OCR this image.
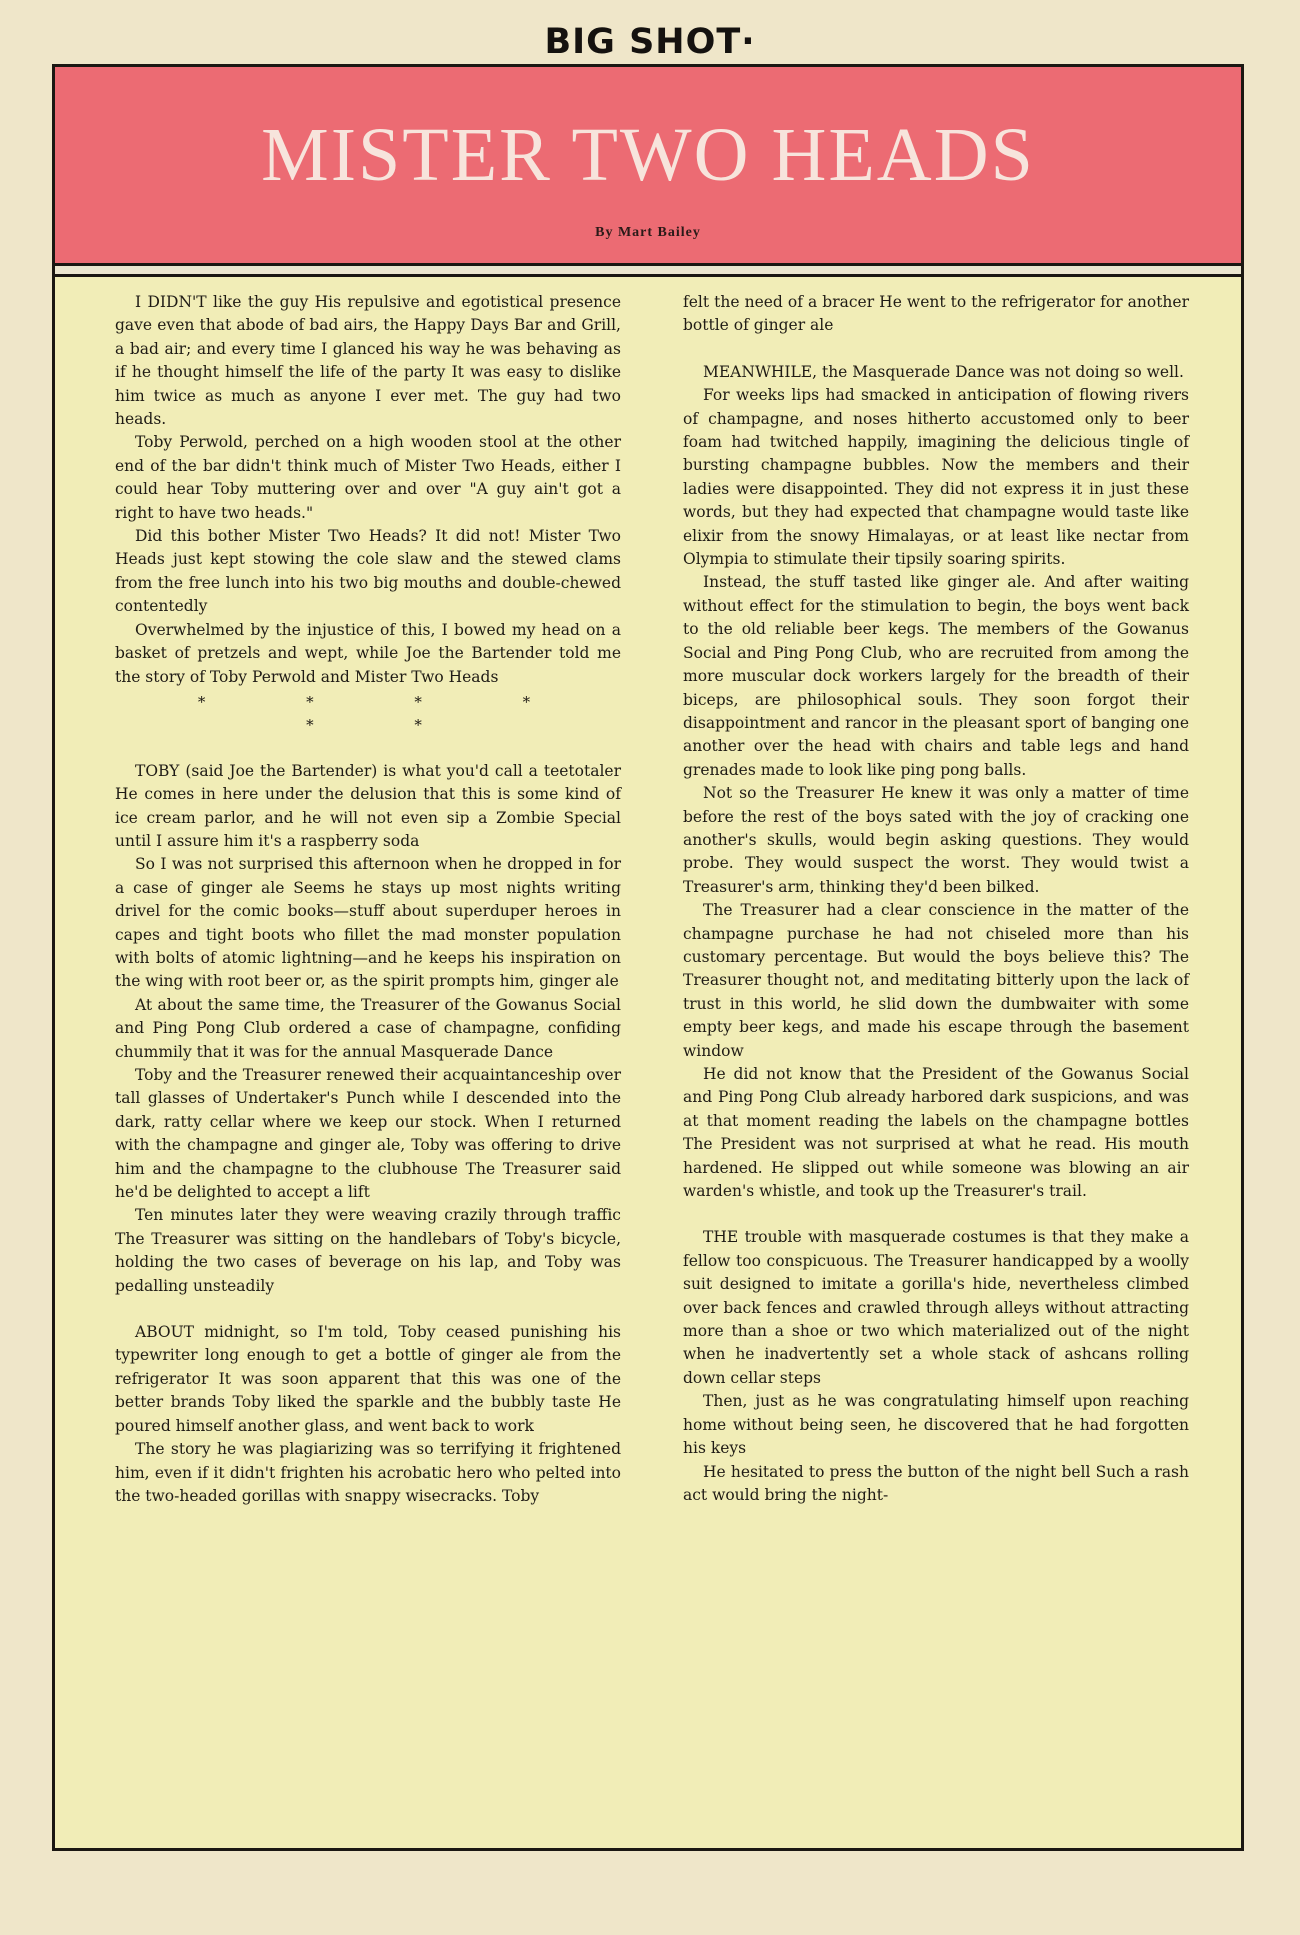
BIG SHOT·
MISTER TWO HEADS
By Mart Bailey

I DIDN'T like the guy His repulsive and egotistical presence gave even that abode of bad airs, the Happy Days Bar and Grill, a bad air; and every time I glanced his way he was behaving as if he thought himself the life of the party It was easy to dislike him twice as much as anyone I ever met. The guy had two heads.

Toby Perwold, perched on a high wooden stool at the other end of the bar didn't think much of Mister Two Heads, either I could hear Toby muttering over and over "A guy ain't got a right to have two heads."

Did this bother Mister Two Heads? It did not! Mister Two Heads just kept stowing the cole slaw and the stewed clams from the free lunch into his two big mouths and double-chewed contentedly

Overwhelmed by the injustice of this, I bowed my head on a basket of pretzels and wept, while Joe the Bartender told me the story of Toby Perwold and Mister Two Heads

* * * * * *

TOBY (said Joe the Bartender) is what you'd call a teetotaler He comes in here under the delusion that this is some kind of ice cream parlor, and he will not even sip a Zombie Special until I assure him it's a raspberry soda

So I was not surprised this afternoon when he dropped in for a case of ginger ale Seems he stays up most nights writing drivel for the comic books—stuff about superduper heroes in capes and tight boots who fillet the mad monster population with bolts of atomic lightning—and he keeps his inspiration on the wing with root beer or, as the spirit prompts him, ginger ale

At about the same time, the Treasurer of the Gowanus Social and Ping Pong Club ordered a case of champagne, confiding chummily that it was for the annual Masquerade Dance

Toby and the Treasurer renewed their acquaintanceship over tall glasses of Undertaker's Punch while I descended into the dark, ratty cellar where we keep our stock. When I returned with the champagne and ginger ale, Toby was offering to drive him and the champagne to the clubhouse The Treasurer said he'd be delighted to accept a lift

Ten minutes later they were weaving crazily through traffic The Treasurer was sitting on the handlebars of Toby's bicycle, holding the two cases of beverage on his lap, and Toby was pedalling unsteadily

ABOUT midnight, so I'm told, Toby ceased punishing his typewriter long enough to get a bottle of ginger ale from the refrigerator It was soon apparent that this was one of the better brands Toby liked the sparkle and the bubbly taste He poured himself another glass, and went back to work

The story he was plagiarizing was so terrifying it frightened him, even if it didn't frighten his acrobatic hero who pelted into the two-headed gorillas with snappy wisecracks. Toby

felt the need of a bracer He went to the refrigerator for another bottle of ginger ale

MEANWHILE, the Masquerade Dance was not doing so well.

For weeks lips had smacked in anticipation of flowing rivers of champagne, and noses hitherto accustomed only to beer foam had twitched happily, imagining the delicious tingle of bursting champagne bubbles. Now the members and their ladies were disappointed. They did not express it in just these words, but they had expected that champagne would taste like elixir from the snowy Himalayas, or at least like nectar from Olympia to stimulate their tipsily soaring spirits.

Instead, the stuff tasted like ginger ale. And after waiting without effect for the stimulation to begin, the boys went back to the old reliable beer kegs. The members of the Gowanus Social and Ping Pong Club, who are recruited from among the more muscular dock workers largely for the breadth of their biceps, are philosophical souls. They soon forgot their disappointment and rancor in the pleasant sport of banging one another over the head with chairs and table legs and hand grenades made to look like ping pong balls.

Not so the Treasurer He knew it was only a matter of time before the rest of the boys sated with the joy of cracking one another's skulls, would begin asking questions. They would probe. They would suspect the worst. They would twist a Treasurer's arm, thinking they'd been bilked.

The Treasurer had a clear conscience in the matter of the champagne purchase he had not chiseled more than his customary percentage. But would the boys believe this? The Treasurer thought not, and meditating bitterly upon the lack of trust in this world, he slid down the dumbwaiter with some empty beer kegs, and made his escape through the basement window

He did not know that the President of the Gowanus Social and Ping Pong Club already harbored dark suspicions, and was at that moment reading the labels on the champagne bottles The President was not surprised at what he read. His mouth hardened. He slipped out while someone was blowing an air warden's whistle, and took up the Treasurer's trail.

THE trouble with masquerade costumes is that they make a fellow too conspicuous. The Treasurer handicapped by a woolly suit designed to imitate a gorilla's hide, nevertheless climbed over back fences and crawled through alleys without attracting more than a shoe or two which materialized out of the night when he inadvertently set a whole stack of ashcans rolling down cellar steps

Then, just as he was congratulating himself upon reaching home without being seen, he discovered that he had forgotten his keys

He hesitated to press the button of the night bell Such a rash act would bring the night-
